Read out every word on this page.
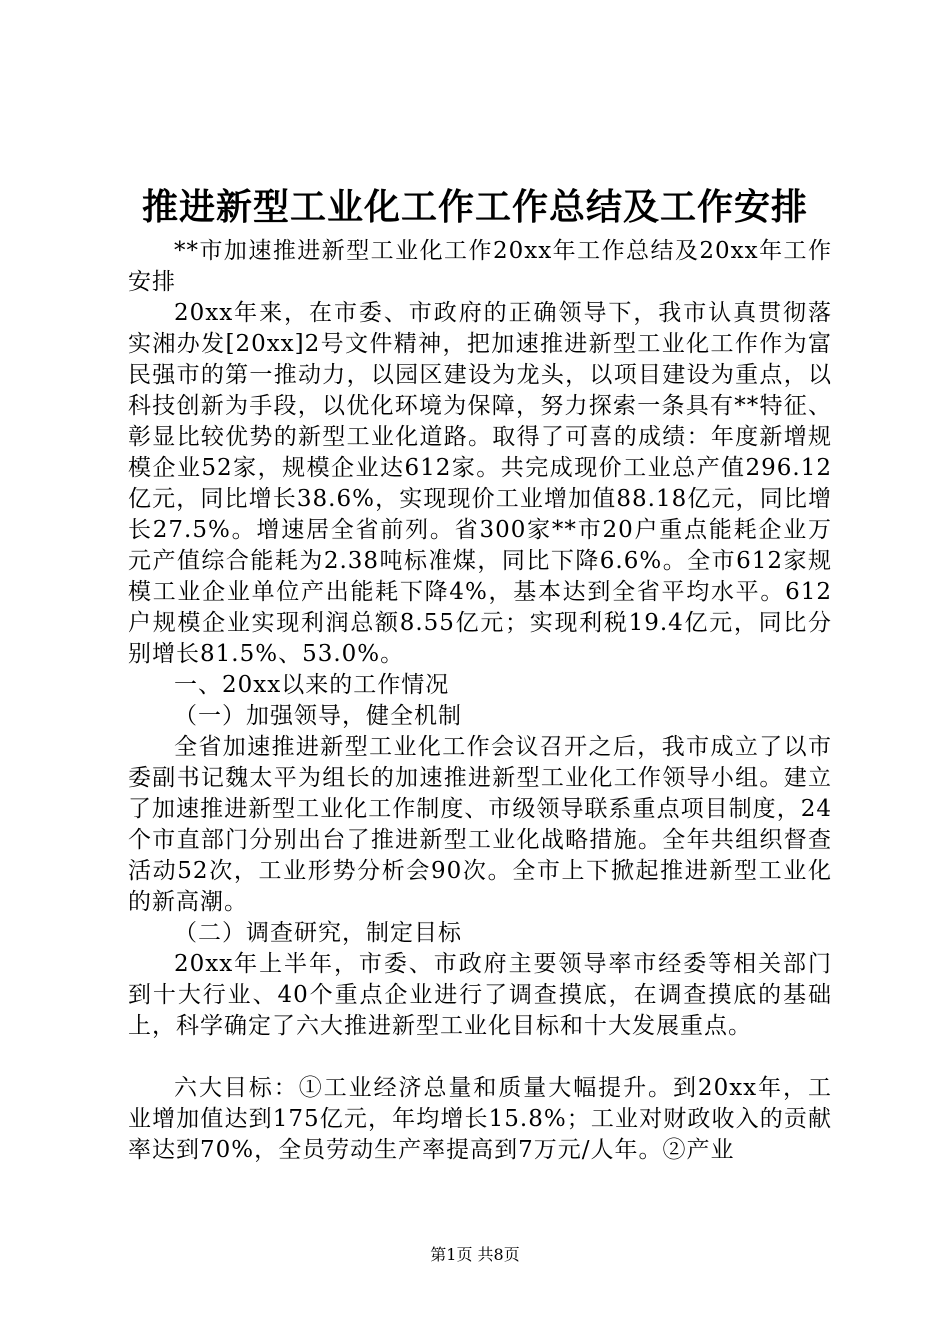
推进新型工业化工作工作总结及工作安排

**市加速推进新型工业化工作20xx年工作总结及20xx年工作安排

20xx年来，在市委、市政府的正确领导下，我市认真贯彻落实湘办发[20xx]2号文件精神，把加速推进新型工业化工作作为富民强市的第一推动力，以园区建设为龙头，以项目建设为重点，以科技创新为手段，以优化环境为保障，努力探索一条具有**特征、彰显比较优势的新型工业化道路。取得了可喜的成绩：年度新增规模企业52家，规模企业达612家。共完成现价工业总产值296.12亿元，同比增长38.6%，实现现价工业增加值88.18亿元，同比增长27.5%。增速居全省前列。省300家**市20户重点能耗企业万元产值综合能耗为2.38吨标准煤，同比下降6.6%。全市612家规模工业企业单位产出能耗下降4%，基本达到全省平均水平。612户规模企业实现利润总额8.55亿元；实现利税19.4亿元，同比分别增长81.5%、53.0%。

一、20xx以来的工作情况

（一）加强领导，健全机制

全省加速推进新型工业化工作会议召开之后，我市成立了以市委副书记魏太平为组长的加速推进新型工业化工作领导小组。建立了加速推进新型工业化工作制度、市级领导联系重点项目制度，24个市直部门分别出台了推进新型工业化战略措施。全年共组织督查活动52次，工业形势分析会90次。全市上下掀起推进新型工业化的新高潮。

（二）调查研究，制定目标

20xx年上半年，市委、市政府主要领导率市经委等相关部门到十大行业、40个重点企业进行了调查摸底，在调查摸底的基础上，科学确定了六大推进新型工业化目标和十大发展重点。

六大目标：①工业经济总量和质量大幅提升。到20xx年，工业增加值达到175亿元，年均增长15.8%；工业对财政收入的贡献率达到70%，全员劳动生产率提高到7万元/人年。②产业

第1页 共8页
